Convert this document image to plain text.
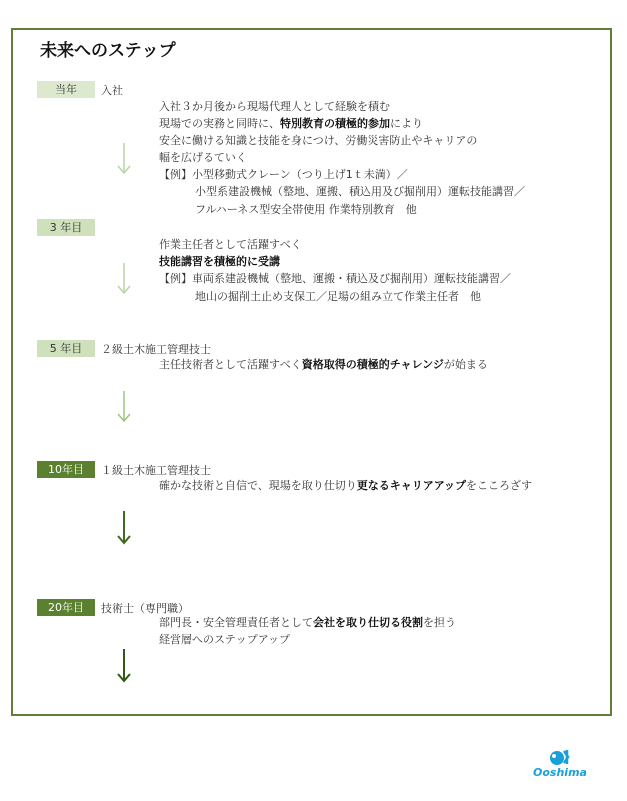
未来へのステップ
当年	入社
入社３か月後から現場代理人として経験を積む
現場での実務と同時に、特別教育の積極的参加により
安全に働ける知識と技能を身につけ、労働災害防止やキャリアの
幅を広げるていく
【例】小型移動式クレーン（つり上げ1ｔ未満）／
小型系建設機械（整地、運搬、積込用及び掘削用）運転技能講習／
フルハーネス型安全帯使用 作業特別教育　他
3 年目
作業主任者として活躍すべく
技能講習を積極的に受講
【例】車両系建設機械（整地、運搬・積込及び掘削用）運転技能講習／
地山の掘削土止め支保工／足場の組み立て作業主任者　他
5 年目	２級土木施工管理技士
主任技術者として活躍すべく資格取得の積極的チャレンジが始まる
10年目	１級土木施工管理技士
確かな技術と自信で、現場を取り仕切り更なるキャリアアップをこころざす
20年目	技術士（専門職）
部門長・安全管理責任者として会社を取り仕切る役割を担う
経営層へのステップアップ
Ooshima
